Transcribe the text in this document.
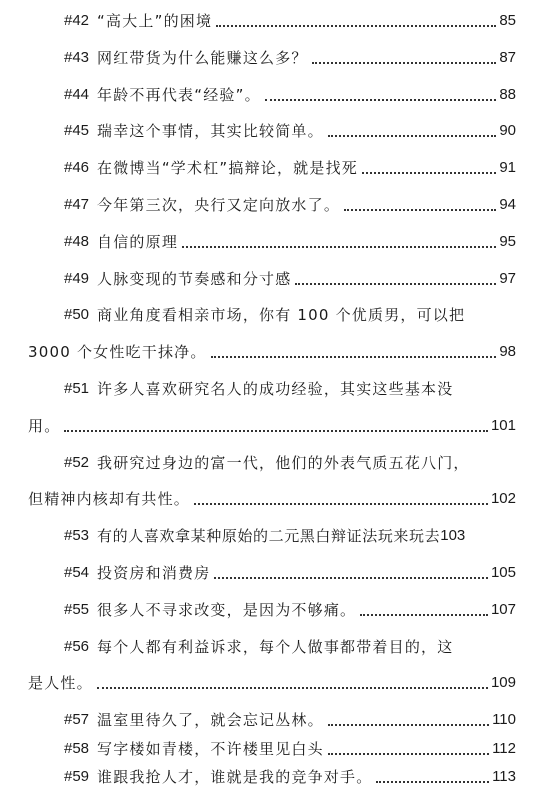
#42 “高大上”的困境	85
#43 网红带货为什么能赚这么多？	87
#44 年龄不再代表“经验”。	88
#45 瑞幸这个事情，其实比较简单。	90
#46 在微博当“学术杠”搞辩论，就是找死	91
#47 今年第三次，央行又定向放水了。	94
#48 自信的原理	95
#49 人脉变现的节奏感和分寸感	97
#50 商业角度看相亲市场，你有 100 个优质男，可以把
3000 个女性吃干抹净。	98
#51 许多人喜欢研究名人的成功经验，其实这些基本没
用。	101
#52 我研究过身边的富一代，他们的外表气质五花八门，
但精神内核却有共性。	102
#53 有的人喜欢拿某种原始的二元黑白辩证法玩来玩去 103
#54 投资房和消费房	105
#55 很多人不寻求改变，是因为不够痛。	107
#56 每个人都有利益诉求，每个人做事都带着目的，这
是人性。	109
#57 温室里待久了，就会忘记丛林。	110
#58 写字楼如青楼，不许楼里见白头	112
#59 谁跟我抢人才，谁就是我的竞争对手。	113
